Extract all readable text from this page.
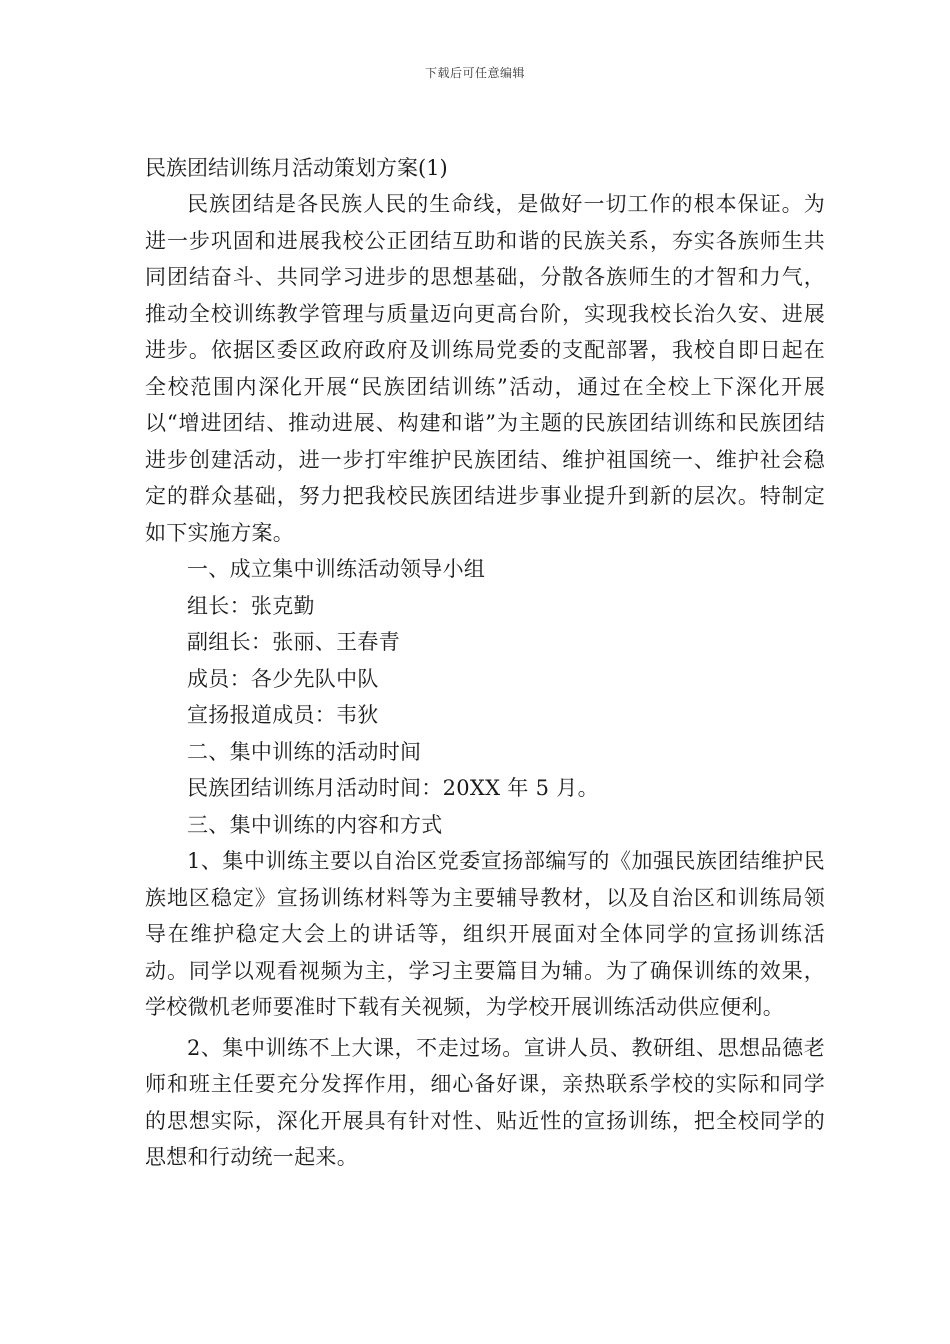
下载后可任意编辑

民族团结训练月活动策划方案(1)

民族团结是各民族人民的生命线，是做好一切工作的根本保证。为进一步巩固和进展我校公正团结互助和谐的民族关系，夯实各族师生共同团结奋斗、共同学习进步的思想基础，分散各族师生的才智和力气，推动全校训练教学管理与质量迈向更高台阶，实现我校长治久安、进展进步。依据区委区政府政府及训练局党委的支配部署，我校自即日起在全校范围内深化开展“民族团结训练”活动，通过在全校上下深化开展以“增进团结、推动进展、构建和谐”为主题的民族团结训练和民族团结进步创建活动，进一步打牢维护民族团结、维护祖国统一、维护社会稳定的群众基础，努力把我校民族团结进步事业提升到新的层次。特制定如下实施方案。

一、成立集中训练活动领导小组

组长：张克勤

副组长：张丽、王春青

成员：各少先队中队

宣扬报道成员：韦狄

二、集中训练的活动时间

民族团结训练月活动时间：20XX 年 5 月。

三、集中训练的内容和方式

1、集中训练主要以自治区党委宣扬部编写的《加强民族团结维护民族地区稳定》宣扬训练材料等为主要辅导教材，以及自治区和训练局领导在维护稳定大会上的讲话等，组织开展面对全体同学的宣扬训练活动。同学以观看视频为主，学习主要篇目为辅。为了确保训练的效果，学校微机老师要准时下载有关视频，为学校开展训练活动供应便利。

2、集中训练不上大课，不走过场。宣讲人员、教研组、思想品德老师和班主任要充分发挥作用，细心备好课，亲热联系学校的实际和同学的思想实际，深化开展具有针对性、贴近性的宣扬训练，把全校同学的思想和行动统一起来。
